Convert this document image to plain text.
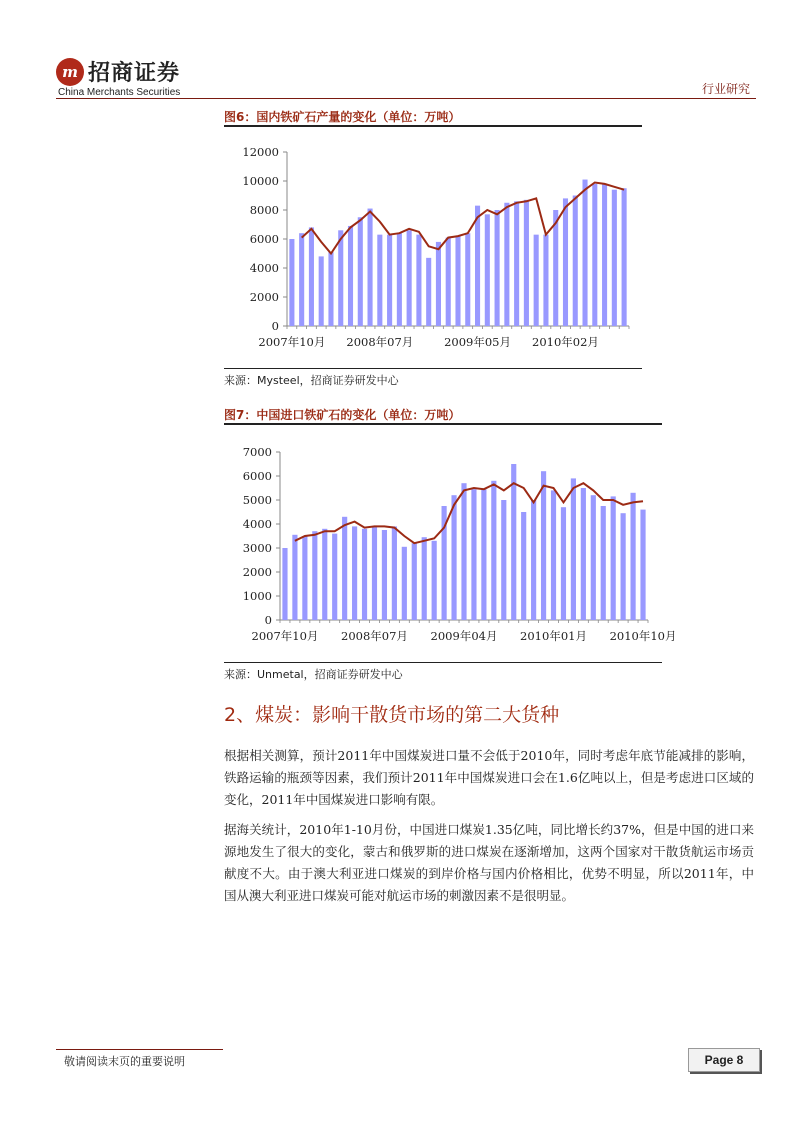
m 招商证券
China Merchants Securities	行业研究
图6：国内铁矿石产量的变化（单位：万吨）
0
2000
4000
6000
8000
10000
12000
2007年10月 2008年07月	2009年05月 2010年02月
来源：Mysteel，招商证券研发中心
图7：中国进口铁矿石的变化（单位：万吨）
0
1000
2000
3000
4000
5000
6000
7000
2007年10月 2008年07月 2009年04月 2010年01月 2010年10月
来源：Unmetal，招商证券研发中心
2、煤炭：影响干散货市场的第二大货种

根据相关测算，预计2011年中国煤炭进口量不会低于2010年，同时考虑年底节能减排的影响，铁路运输的瓶颈等因素，我们预计2011年中国煤炭进口会在1.6亿吨以上，但是考虑进口区域的变化，2011年中国煤炭进口影响有限。

据海关统计，2010年1-10月份，中国进口煤炭1.35亿吨，同比增长约37%，但是中国的进口来源地发生了很大的变化，蒙古和俄罗斯的进口煤炭在逐渐增加，这两个国家对干散货航运市场贡献度不大。由于澳大利亚进口煤炭的到岸价格与国内价格相比，优势不明显，所以2011年，中国从澳大利亚进口煤炭可能对航运市场的刺激因素不是很明显。

敬请阅读末页的重要说明	Page 8
